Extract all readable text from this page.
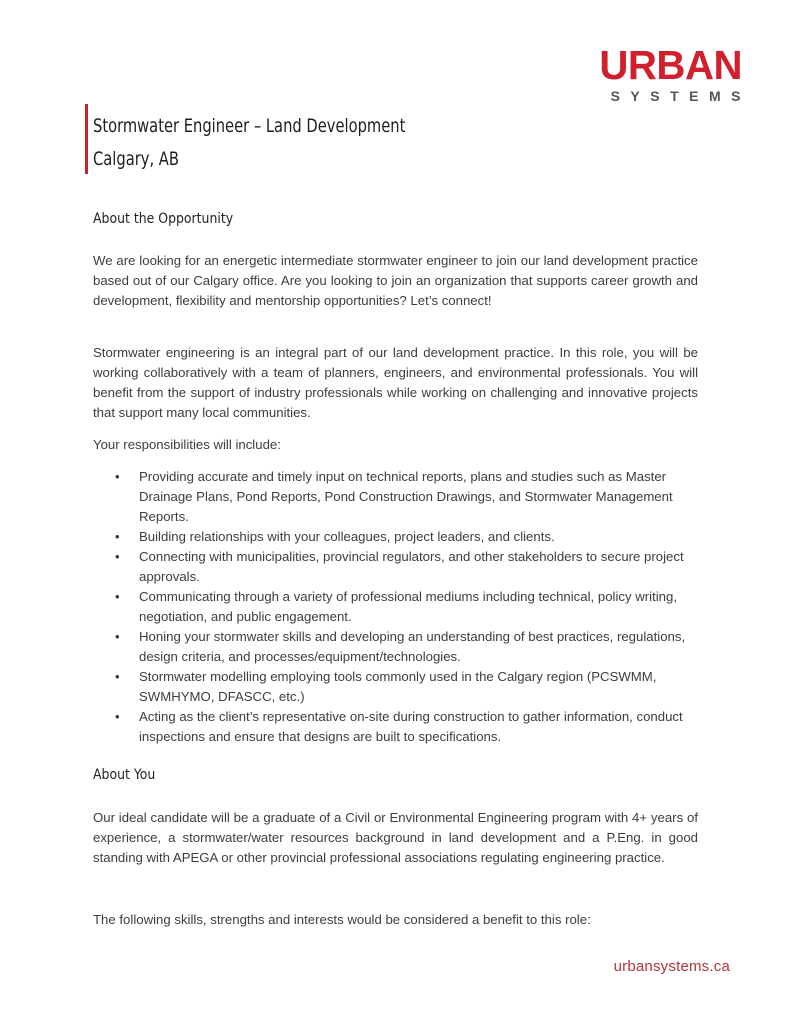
URBAN
SYSTEMS
Stormwater Engineer – Land Development
Calgary, AB
About the Opportunity

We are looking for an energetic intermediate stormwater engineer to join our land development practice based out of our Calgary office. Are you looking to join an organization that supports career growth and development, flexibility and mentorship opportunities? Let’s connect!

Stormwater engineering is an integral part of our land development practice. In this role, you will be working collaboratively with a team of planners, engineers, and environmental professionals. You will benefit from the support of industry professionals while working on challenging and innovative projects that support many local communities.

Your responsibilities will include:

• Providing accurate and timely input on technical reports, plans and studies such as Master Drainage Plans, Pond Reports, Pond Construction Drawings, and Stormwater Management Reports.
• Building relationships with your colleagues, project leaders, and clients.
• Connecting with municipalities, provincial regulators, and other stakeholders to secure project approvals.
• Communicating through a variety of professional mediums including technical, policy writing, negotiation, and public engagement.
• Honing your stormwater skills and developing an understanding of best practices, regulations, design criteria, and processes/equipment/technologies.
• Stormwater modelling employing tools commonly used in the Calgary region (PCSWMM, SWMHYMO, DFASCC, etc.)
• Acting as the client’s representative on-site during construction to gather information, conduct inspections and ensure that designs are built to specifications.
About You

Our ideal candidate will be a graduate of a Civil or Environmental Engineering program with 4+ years of experience, a stormwater/water resources background in land development and a P.Eng. in good standing with APEGA or other provincial professional associations regulating engineering practice.

The following skills, strengths and interests would be considered a benefit to this role:

urbansystems.ca
